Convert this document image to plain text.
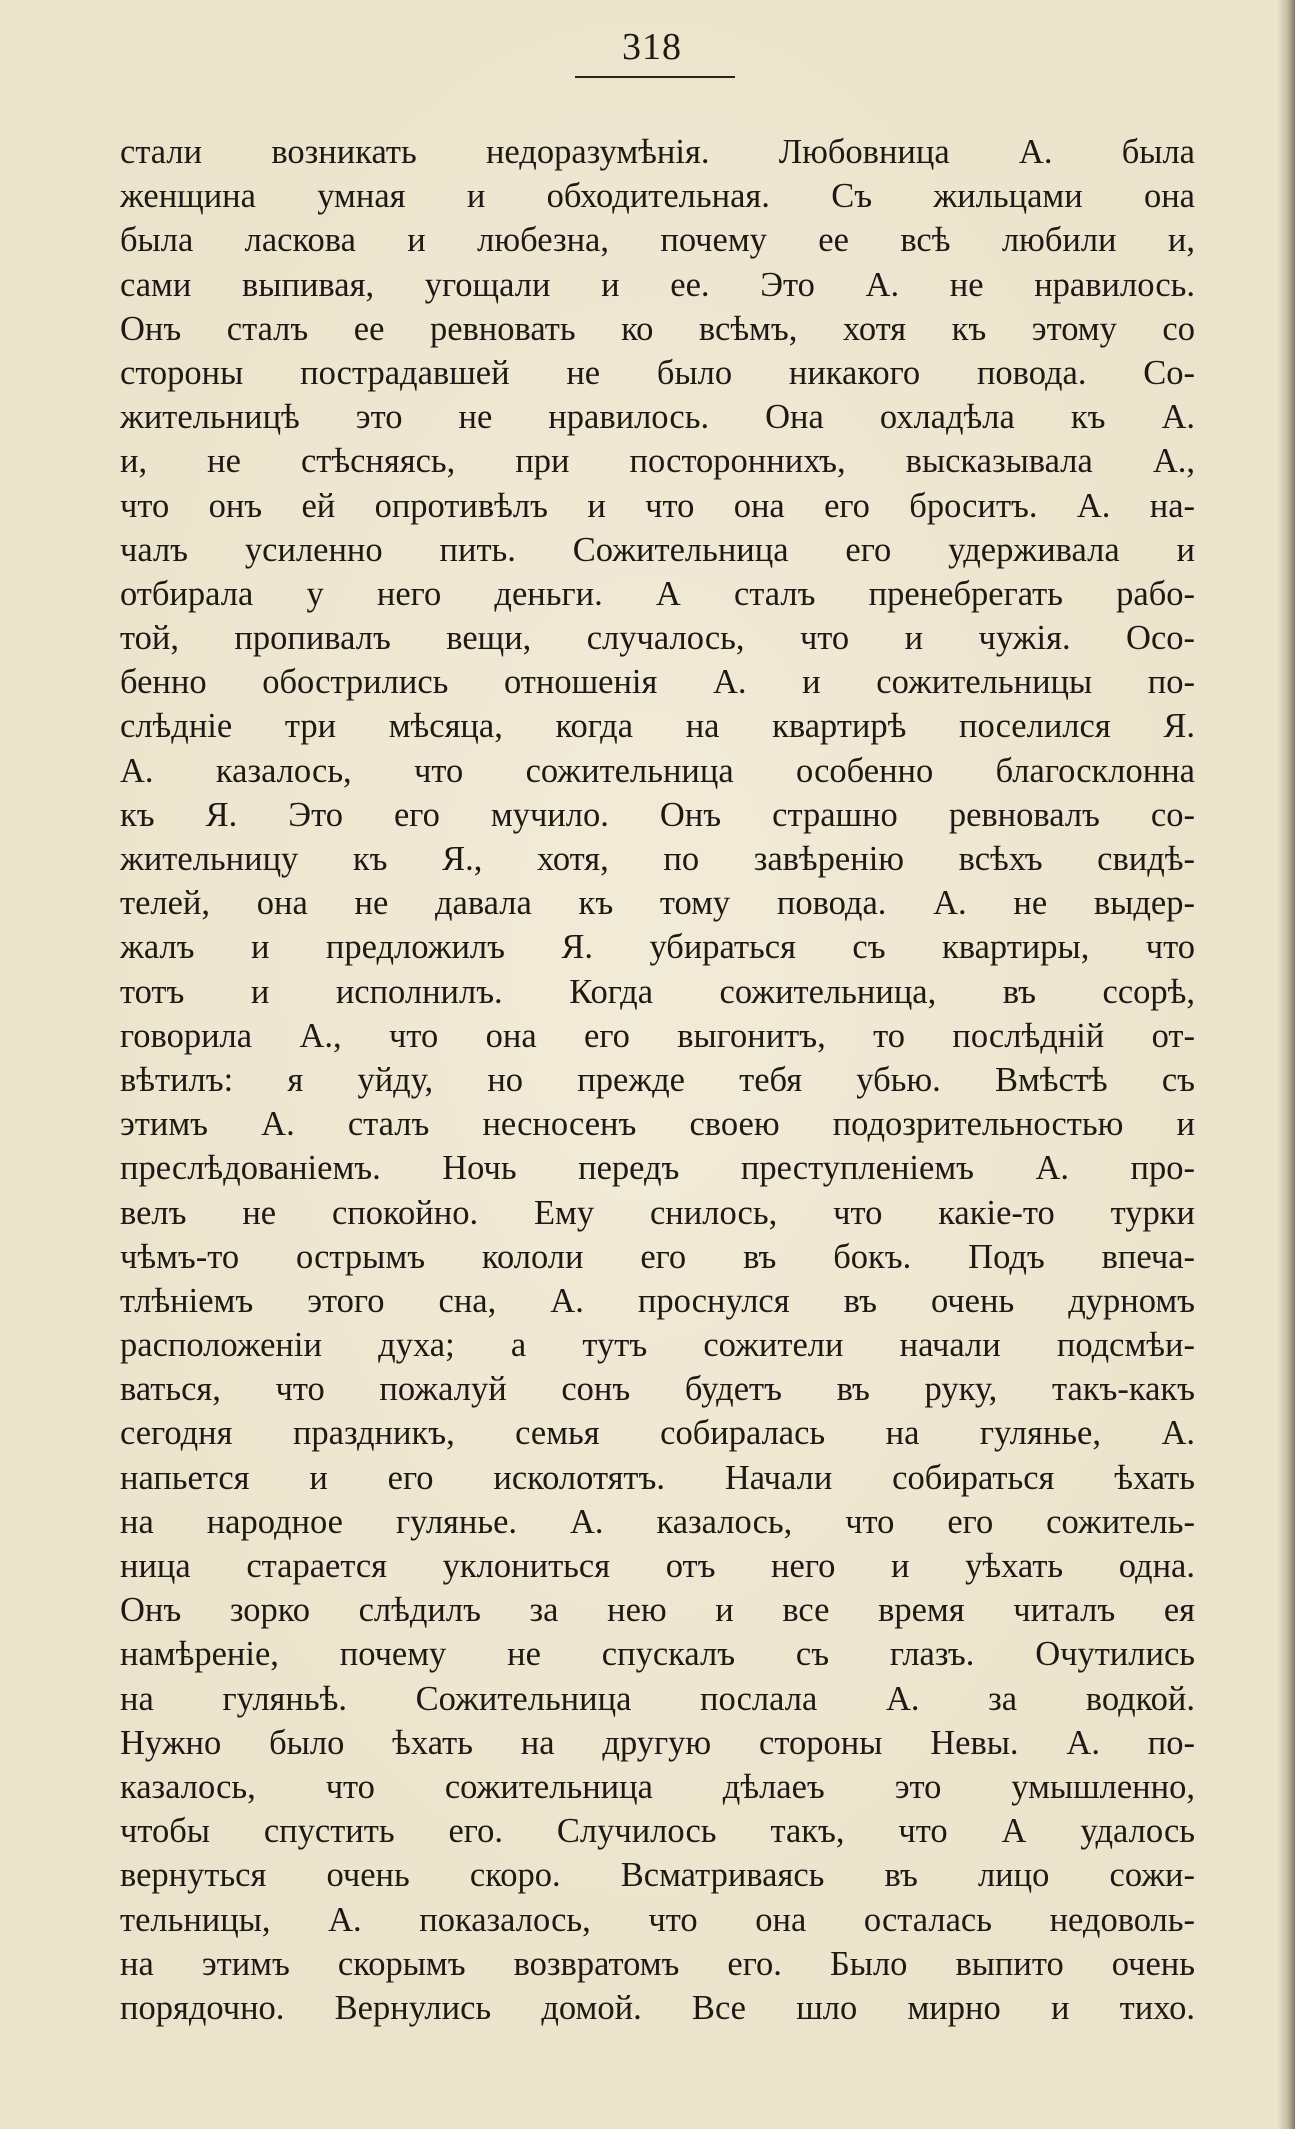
318
стали возникать недоразумѣнія. Любовница А. была
женщина умная и обходительная. Съ жильцами она
была ласкова и любезна, почему ее всѣ любили и,
сами выпивая, угощали и ее. Это А. не нравилось.
Онъ сталъ ее ревновать ко всѣмъ, хотя къ этому со
стороны пострадавшей не было никакого повода. Со-
жительницѣ это не нравилось. Она охладѣла къ А.
и, не стѣсняясь, при постороннихъ, высказывала А.,
что онъ ей опротивѣлъ и что она его броситъ. А. на-
чалъ усиленно пить. Сожительница его удерживала и
отбирала у него деньги. А сталъ пренебрегать рабо-
той, пропивалъ вещи, случалось, что и чужія. Осо-
бенно обострились отношенія А. и сожительницы по-
слѣдніе три мѣсяца, когда на квартирѣ поселился Я.
А. казалось, что сожительница особенно благосклонна
къ Я. Это его мучило. Онъ страшно ревновалъ со-
жительницу къ Я., хотя, по завѣренію всѣхъ свидѣ-
телей, она не давала къ тому повода. А. не выдер-
жалъ и предложилъ Я. убираться съ квартиры, что
тотъ и исполнилъ. Когда сожительница, въ ссорѣ,
говорила А., что она его выгонитъ, то послѣдній от-
вѣтилъ: я уйду, но прежде тебя убью. Вмѣстѣ съ
этимъ А. сталъ несносенъ своею подозрительностью и
преслѣдованіемъ. Ночь передъ преступленіемъ А. про-
велъ не спокойно. Ему снилось, что какіе-то турки
чѣмъ-то острымъ кололи его въ бокъ. Подъ впеча-
тлѣніемъ этого сна, А. проснулся въ очень дурномъ
расположеніи духа; а тутъ сожители начали подсмѣи-
ваться, что пожалуй сонъ будетъ въ руку, такъ-какъ
сегодня праздникъ, семья собиралась на гулянье, А.
напьется и его исколотятъ. Начали собираться ѣхать
на народное гулянье. А. казалось, что его сожитель-
ница старается уклониться отъ него и уѣхать одна.
Онъ зорко слѣдилъ за нею и все время читалъ ея
намѣреніе, почему не спускалъ съ глазъ. Очутились
на гуляньѣ. Сожительница послала А. за водкой.
Нужно было ѣхать на другую стороны Невы. А. по-
казалось, что сожительница дѣлаеъ это умышленно,
чтобы спустить его. Случилось такъ, что А удалось
вернуться очень скоро. Всматриваясь въ лицо сожи-
тельницы, А. показалось, что она осталась недоволь-
на этимъ скорымъ возвратомъ его. Было выпито очень
порядочно. Вернулись домой. Все шло мирно и тихо.
